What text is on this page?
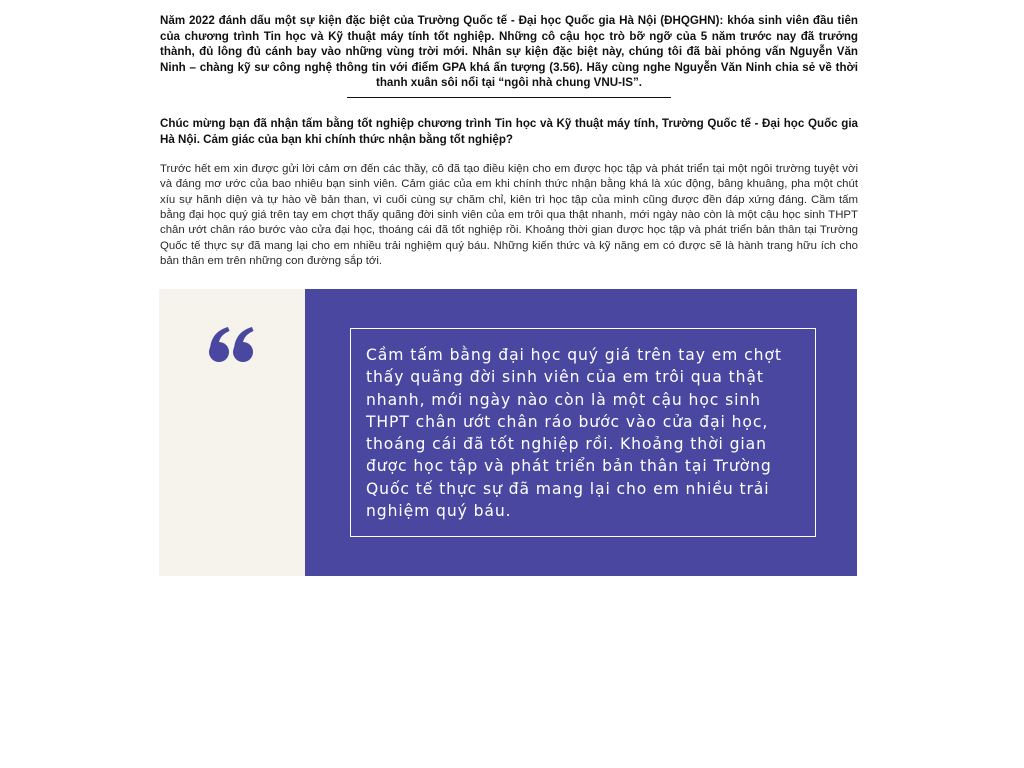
Năm 2022 đánh dấu một sự kiện đặc biệt của Trường Quốc tế - Đại học Quốc gia Hà Nội (ĐHQGHN): khóa sinh viên đầu tiên của chương trình Tin học và Kỹ thuật máy tính tốt nghiệp. Những cô cậu học trò bỡ ngỡ của 5 năm trước nay đã trưởng thành, đủ lông đủ cánh bay vào những vùng trời mới. Nhân sự kiện đặc biệt này, chúng tôi đã bài phỏng vấn Nguyễn Văn Ninh – chàng kỹ sư công nghệ thông tin với điểm GPA khá ấn tượng (3.56). Hãy cùng nghe Nguyễn Văn Ninh chia sẻ về thời thanh xuân sôi nổi tại “ngôi nhà chung VNU-IS”.

Chúc mừng bạn đã nhận tấm bằng tốt nghiệp chương trình Tin học và Kỹ thuật máy tính, Trường Quốc tế - Đại học Quốc gia Hà Nội. Cảm giác của bạn khi chính thức nhận bằng tốt nghiệp?

Trước hết em xin được gửi lời cảm ơn đến các thầy, cô đã tạo điều kiện cho em được học tập và phát triển tại một ngôi trường tuyệt vời và đáng mơ ước của bao nhiêu bạn sinh viên. Cảm giác của em khi chính thức nhận bằng khá là xúc động, bâng khuâng, pha một chút xíu sự hãnh diện và tự hào về bản than, vì cuối cùng sự chăm chỉ, kiên trì học tập của mình cũng được đền đáp xứng đáng. Cầm tấm bằng đại học quý giá trên tay em chợt thấy quãng đời sinh viên của em trôi qua thật nhanh, mới ngày nào còn là một cậu học sinh THPT chân ướt chân ráo bước vào cửa đại học, thoáng cái đã tốt nghiệp rồi. Khoảng thời gian được học tập và phát triển bản thân tại Trường Quốc tế thực sự đã mang lại cho em nhiều trải nghiệm quý báu. Những kiến thức và kỹ năng em có được sẽ là hành trang hữu ích cho bản thân em trên những con đường sắp tới.

Cầm tấm bằng đại học quý giá trên tay em chợt thấy quãng đời sinh viên của em trôi qua thật nhanh, mới ngày nào còn là một cậu học sinh THPT chân ướt chân ráo bước vào cửa đại học, thoáng cái đã tốt nghiệp rồi. Khoảng thời gian được học tập và phát triển bản thân tại Trường Quốc tế thực sự đã mang lại cho em nhiều trải nghiệm quý báu.
